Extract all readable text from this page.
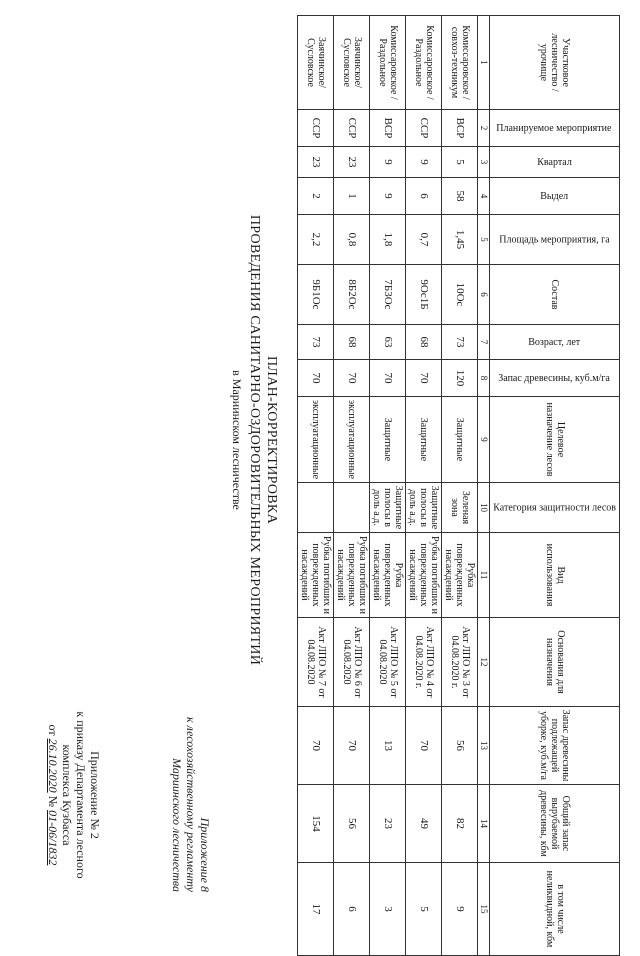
Приложение № 2
к приказу Департамента лесного
комплекса Кузбасса
от 26.10.2020 № 01-06/1832	Приложение 8
к лесохозяйственному регламенту
Мариинского лесничества
ПЛАН-КОРРЕКТИРОВКА
ПРОВЕДЕНИЯ САНИТАРНО-ОЗДОРОВИТЕЛЬНЫХ МЕРОПРИЯТИЙ
в Мариинском лесничестве
Участковое лесничество / урочище	Планируемое мероприятие	Квартал	Выдел	Площадь мероприятия, га	Состав	Возраст, лет	Запас древесины, куб.м/га	Целевое назначение лесов	Категория защитности лесов	Вид использования	Основания для назначения	Запас древесины подлежащей уборке, куб.м/га	Общий запас вырубаемой древесины, кбм	в том числе неликвидной, кбм
1	2	3	4	5	6	7	8	9	10	11	12	13	14	15
Комиссаровское / совхоз-техникум	ВСР	5	58	1,45	10Ос	73	120	Защитные	Зеленая зона	Рубка поврежденных насаждений	Акт ЛПО № 3 от 04.08.2020 г.	56	82	9
Комиссаровское / Раздольное	ССР	9	6	0,7	9Ос1Б	68	70	Защитные	Защитные полосы в доль а.д.	Рубка погибших и поврежденных насаждений	Акт ЛПО № 4 от 04.08.2020 г.	70	49	5
Комиссаровское / Раздольное	ВСР	9	9	1,8	7Б3Ос	63	70	Защитные	Защитные полосы в доль а.д.	Рубка поврежденных насаждений	Акт ЛПО № 5 от 04.08.2020	13	23	3
Заячинское/ Сусловское	ССР	23	1	0,8	8Б2Ос	68	70	эксплуатационные		Рубка погибших и поврежденных насаждений	Акт ЛПО № 6 от 04.08.2020	70	56	6
Заячинское/ Сусловское	ССР	23	2	2,2	9Б1Ос	73	70	эксплуатационные		Рубка погибших и поврежденных насаждений	Акт ЛПО № 7 от 04.08.2020	70	154	17
